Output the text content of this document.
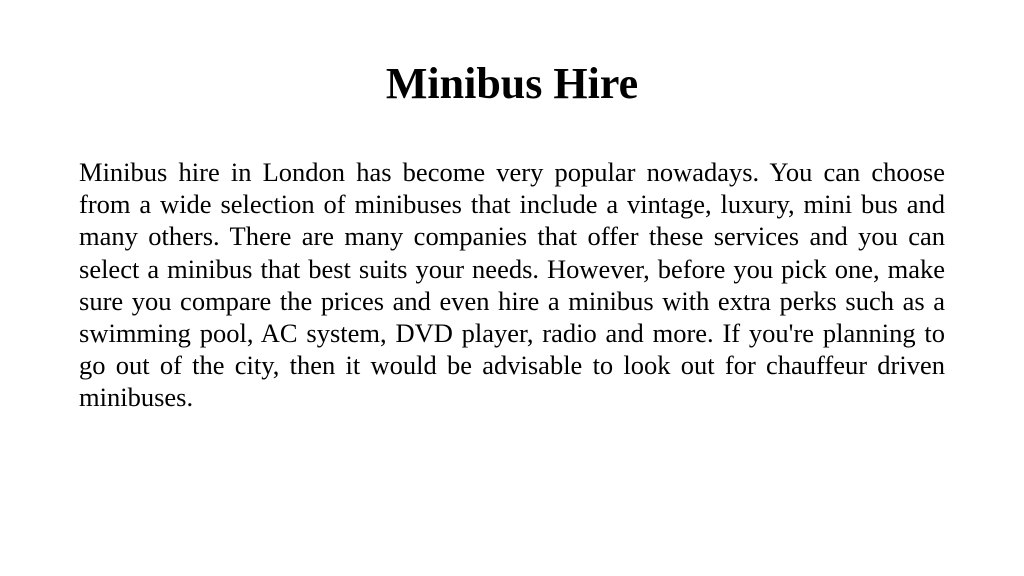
Minibus Hire

Minibus hire in London has become very popular nowadays. You can choose from a wide selection of minibuses that include a vintage, luxury, mini bus and many others. There are many companies that offer these services and you can select a minibus that best suits your needs. However, before you pick one, make sure you compare the prices and even hire a minibus with extra perks such as a swimming pool, AC system, DVD player, radio and more. If you're planning to go out of the city, then it would be advisable to look out for chauffeur driven minibuses.
